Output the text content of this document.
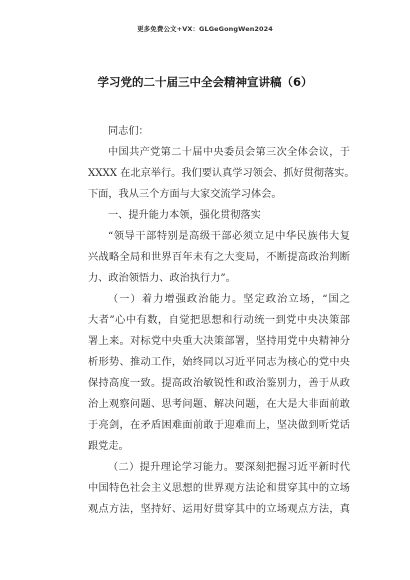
更多免费公文+VX：GLGeGongWen2024
学习党的二十届三中全会精神宣讲稿（6）
同志们：
中国共产党第二十届中央委员会第三次全体会议，于
XXXX 在北京举行。我们要认真学习领会、抓好贯彻落实。
下面，我从三个方面与大家交流学习体会。
一、提升能力本领，强化贯彻落实
“领导干部特别是高级干部必须立足中华民族伟大复
兴战略全局和世界百年未有之大变局，不断提高政治判断
力、政治领悟力、政治执行力”。
（一）着力增强政治能力。坚定政治立场，“国之
大者”心中有数，自觉把思想和行动统一到党中央决策部
署上来。对标党中央重大决策部署，坚持用党中央精神分
析形势、推动工作，始终同以习近平同志为核心的党中央
保持高度一致。提高政治敏锐性和政治鉴别力，善于从政
治上观察问题、思考问题、解决问题，在大是大非面前敢
于亮剑，在矛盾困难面前敢于迎难而上，坚决做到听党话
跟党走。
（二）提升理论学习能力。要深刻把握习近平新时代
中国特色社会主义思想的世界观方法论和贯穿其中的立场
观点方法，坚持好、运用好贯穿其中的立场观点方法，真
